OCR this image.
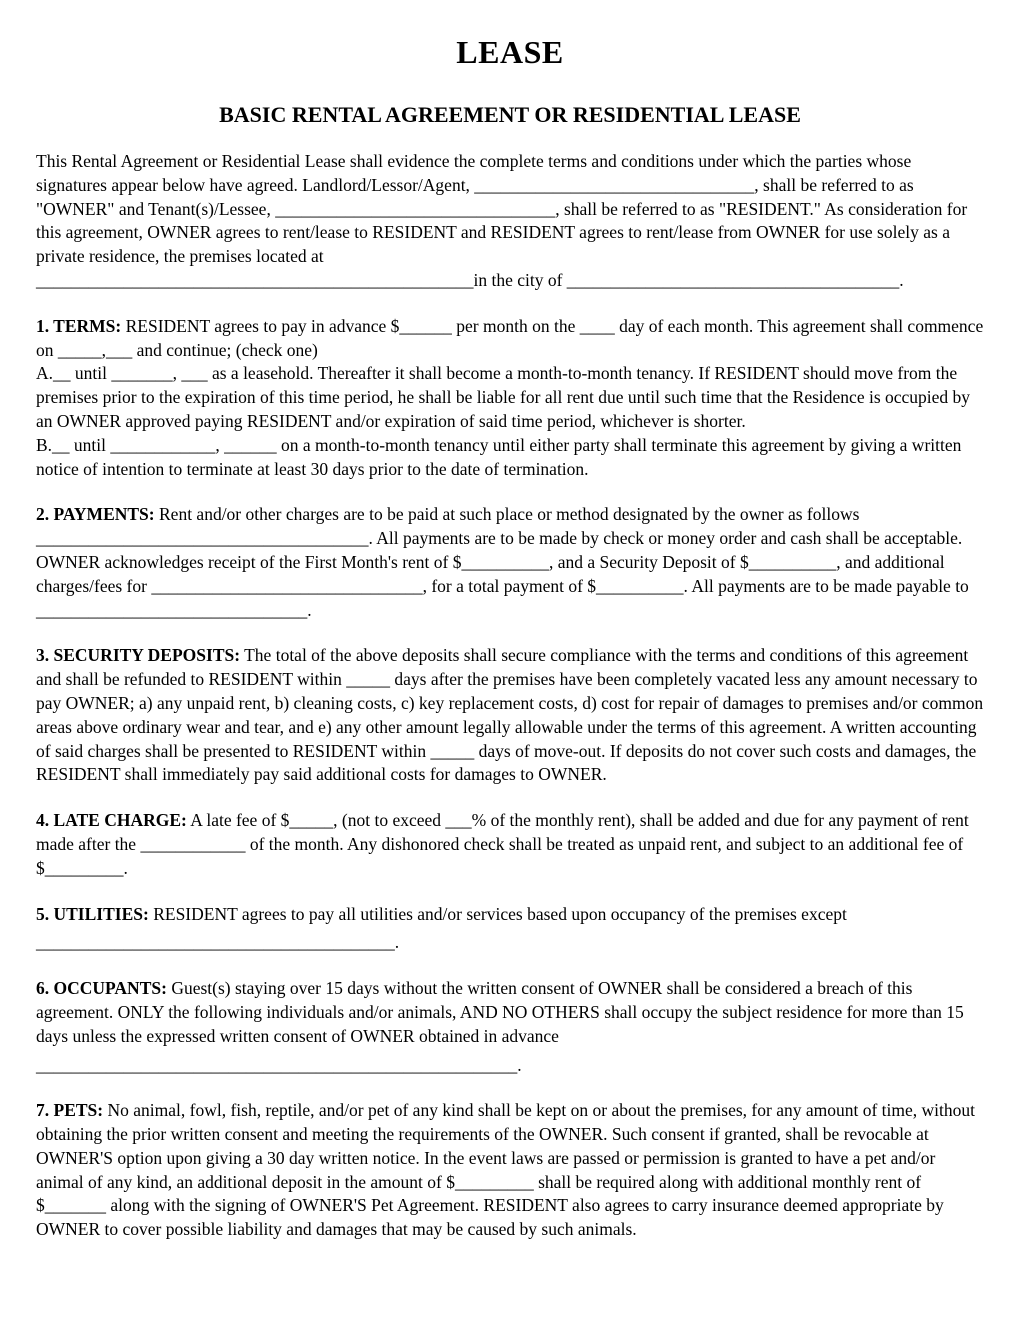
LEASE
BASIC RENTAL AGREEMENT OR RESIDENTIAL LEASE

This Rental Agreement or Residential Lease shall evidence the complete terms and conditions under which the parties whose signatures appear below have agreed. Landlord/Lessor/Agent, ________________________________, shall be referred to as "OWNER" and Tenant(s)/Lessee, ________________________________, shall be referred to as "RESIDENT." As consideration for this agreement, OWNER agrees to rent/lease to RESIDENT and RESIDENT agrees to rent/lease from OWNER for use solely as a private residence, the premises located at
__________________________________________________in the city of ______________________________________.

1. TERMS: RESIDENT agrees to pay in advance $______ per month on the ____ day of each month. This agreement shall commence on _____,___ and continue; (check one)

A.__ until _______, ___ as a leasehold. Thereafter it shall become a month-to-month tenancy. If RESIDENT should move from the premises prior to the expiration of this time period, he shall be liable for all rent due until such time that the Residence is occupied by an OWNER approved paying RESIDENT and/or expiration of said time period, whichever is shorter.

B.__ until ____________, ______ on a month-to-month tenancy until either party shall terminate this agreement by giving a written notice of intention to terminate at least 30 days prior to the date of termination.

2. PAYMENTS: Rent and/or other charges are to be paid at such place or method designated by the owner as follows ______________________________________. All payments are to be made by check or money order and cash shall be acceptable. OWNER acknowledges receipt of the First Month's rent of $__________, and a Security Deposit of $__________, and additional charges/fees for _______________________________, for a total payment of $__________. All payments are to be made payable to _______________________________.

3. SECURITY DEPOSITS: The total of the above deposits shall secure compliance with the terms and conditions of this agreement and shall be refunded to RESIDENT within _____ days after the premises have been completely vacated less any amount necessary to pay OWNER; a) any unpaid rent, b) cleaning costs, c) key replacement costs, d) cost for repair of damages to premises and/or common areas above ordinary wear and tear, and e) any other amount legally allowable under the terms of this agreement. A written accounting of said charges shall be presented to RESIDENT within _____ days of move-out. If deposits do not cover such costs and damages, the RESIDENT shall immediately pay said additional costs for damages to OWNER.

4. LATE CHARGE: A late fee of $_____, (not to exceed ___% of the monthly rent), shall be added and due for any payment of rent made after the ____________ of the month. Any dishonored check shall be treated as unpaid rent, and subject to an additional fee of $_________.

5. UTILITIES: RESIDENT agrees to pay all utilities and/or services based upon occupancy of the premises except

_________________________________________.

6. OCCUPANTS: Guest(s) staying over 15 days without the written consent of OWNER shall be considered a breach of this agreement. ONLY the following individuals and/or animals, AND NO OTHERS shall occupy the subject residence for more than 15 days unless the expressed written consent of OWNER obtained in advance

_______________________________________________________.

7. PETS: No animal, fowl, fish, reptile, and/or pet of any kind shall be kept on or about the premises, for any amount of time, without obtaining the prior written consent and meeting the requirements of the OWNER. Such consent if granted, shall be revocable at OWNER'S option upon giving a 30 day written notice. In the event laws are passed or permission is granted to have a pet and/or animal of any kind, an additional deposit in the amount of $_________ shall be required along with additional monthly rent of $_______ along with the signing of OWNER'S Pet Agreement. RESIDENT also agrees to carry insurance deemed appropriate by OWNER to cover possible liability and damages that may be caused by such animals.
